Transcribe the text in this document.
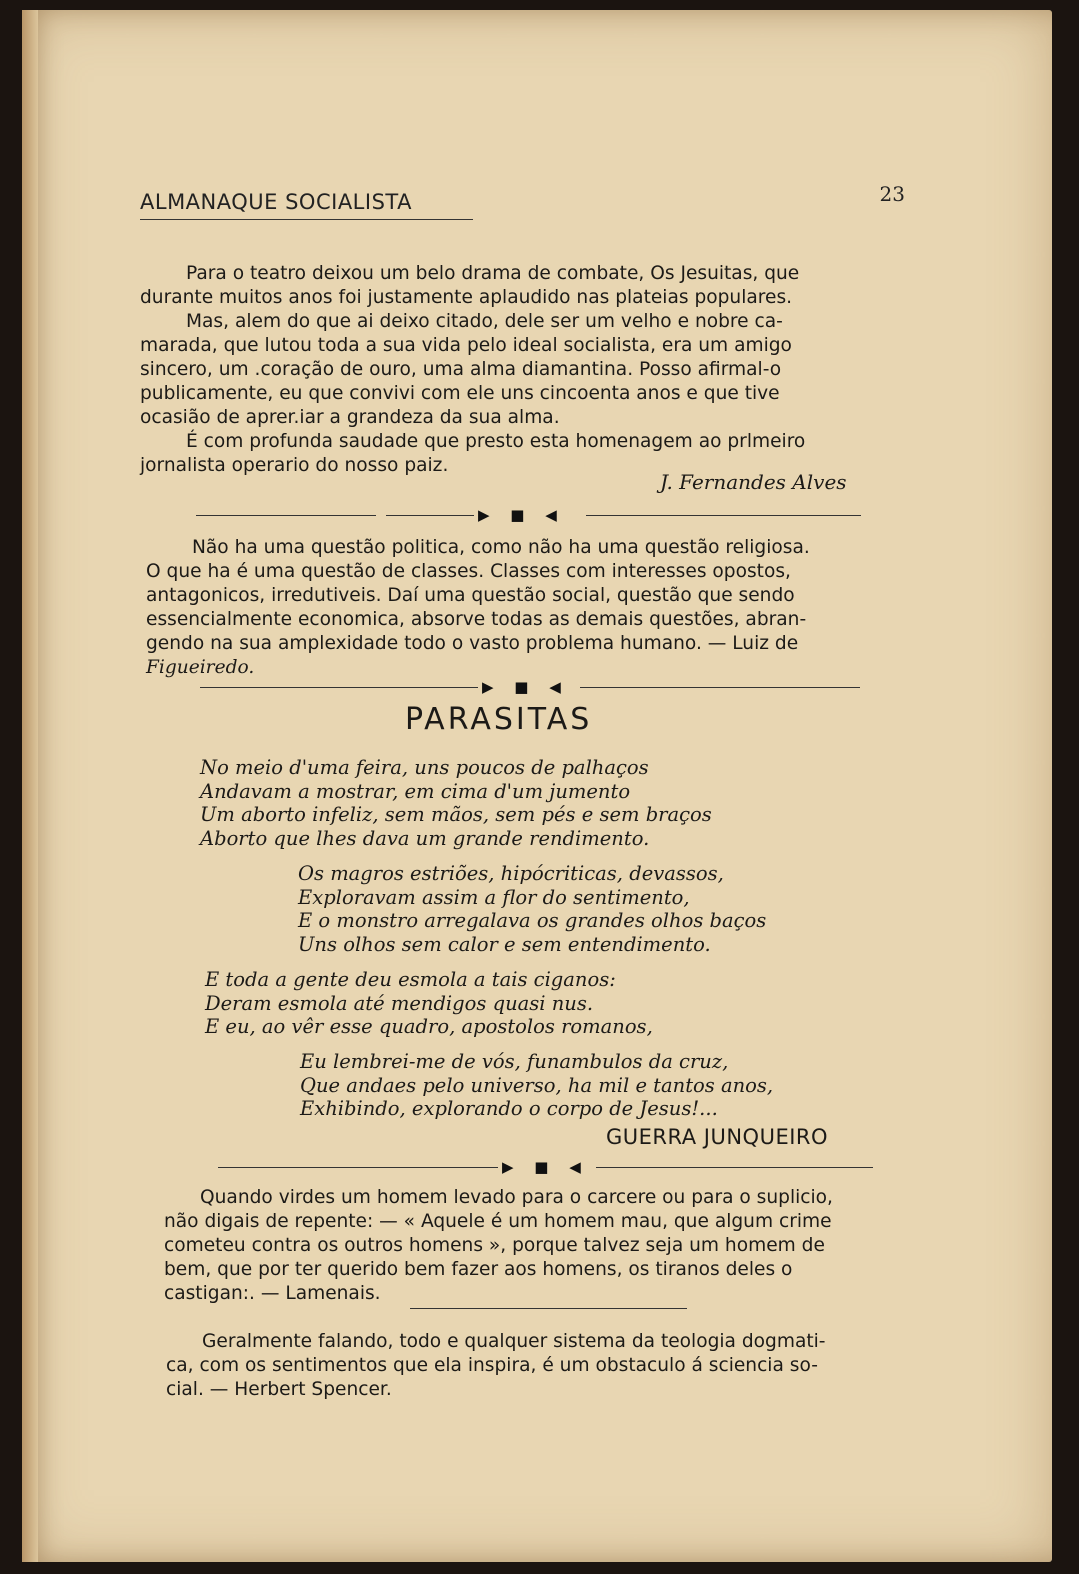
ALMANAQUE SOCIALISTA	23
Para o teatro deixou um belo drama de combate, Os Jesuitas, que
durante muitos anos foi justamente aplaudido nas plateias populares.
Mas, alem do que ai deixo citado, dele ser um velho e nobre ca-
marada, que lutou toda a sua vida pelo ideal socialista, era um amigo
sincero, um .coração de ouro, uma alma diamantina. Posso afirmal-o
publicamente, eu que convivi com ele uns cincoenta anos e que tive
ocasião de aprer.iar a grandeza da sua alma.
É com profunda saudade que presto esta homenagem ao prlmeiro
jornalista operario do nosso paiz.
J. Fernandes Alves
▶ ■ ◀
Não ha uma questão politica, como não ha uma questão religiosa.
O que ha é uma questão de classes. Classes com interesses opostos,
antagonicos, irredutiveis. Daí uma questão social, questão que sendo
essencialmente economica, absorve todas as demais questões, abran-
gendo na sua amplexidade todo o vasto problema humano. — Luiz de
Figueiredo.
▶ ■ ◀
PARASITAS
No meio d'uma feira, uns poucos de palhaços
Andavam a mostrar, em cima d'um jumento
Um aborto infeliz, sem mãos, sem pés e sem braços
Aborto que lhes dava um grande rendimento.
Os magros estriões, hipócriticas, devassos,
Exploravam assim a flor do sentimento,
E o monstro arregalava os grandes olhos baços
Uns olhos sem calor e sem entendimento.
E toda a gente deu esmola a tais ciganos:
Deram esmola até mendigos quasi nus.
E eu, ao vêr esse quadro, apostolos romanos,
Eu lembrei-me de vós, funambulos da cruz,
Que andaes pelo universo, ha mil e tantos anos,
Exhibindo, explorando o corpo de Jesus!...
GUERRA JUNQUEIRO
▶ ■ ◀
Quando virdes um homem levado para o carcere ou para o suplicio,
não digais de repente: — « Aquele é um homem mau, que algum crime
cometeu contra os outros homens », porque talvez seja um homem de
bem, que por ter querido bem fazer aos homens, os tiranos deles o
castigan:. — Lamenais.
Geralmente falando, todo e qualquer sistema da teologia dogmati-
ca, com os sentimentos que ela inspira, é um obstaculo á sciencia so-
cial. — Herbert Spencer.
